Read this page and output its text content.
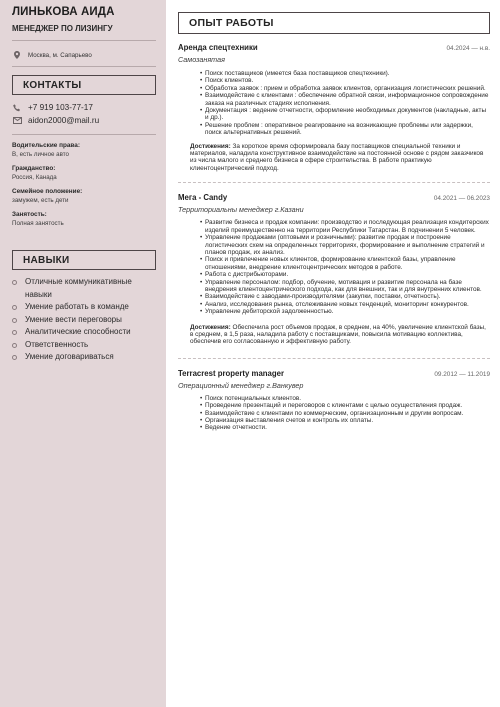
ЛИНЬКОВА АИДА
МЕНЕДЖЕР ПО ЛИЗИНГУ
Москва, м. Сапарьево
КОНТАКТЫ
+7 919 103-77-17
aidon2000@mail.ru
Водительские права:
B, есть личное авто
Гражданство:
Россия, Канада
Семейное положение:
замужем, есть дети
Занятость:
Полная занятость
НАВЫКИ
Отличные коммуникативные навыки
Умение работать в команде
Умение вести переговоры
Аналитические способности
Ответственность
Умение договариваться
ОПЫТ РАБОТЫ
Аренда спецтехники	04.2024 — н.в.
Самозанятая
• Поиск поставщиков (имеется база поставщиков спецтехники).
• Поиск клиентов.
• Обработка заявок : прием и обработка заявок клиентов, организация логистических решений.
• Взаимодействие с клиентами : обеспечение обратной связи, информационное сопровождение заказа на различных стадиях исполнения.
• Документация : ведение отчетности, оформление необходимых документов (накладные, акты и др.).
• Решение проблем : оперативное реагирование на возникающие проблемы или задержки, поиск альтернативных решений.
Достижения: За короткое время сформировала базу поставщиков специальной техники и материалов, наладила конструктивное взаимодействие на постоянной основе с рядом заказчиков из числа малого и среднего бизнеса в сфере строительства. В работе практикую клиентоцентрический подход.
Мега - Candy	04.2021 — 06.2023
Территориальны менеджер г.Казани
• Развитие бизнеса и продаж компании: производство и последующая реализация кондитерских изделий преимущественно на территории Республики Татарстан. В подчинении 5 человек.
• Управление продажами (оптовыми и розничными): развитие продаж и построение логистических схем на определенных территориях, формирование и выполнение стратегий и планов продаж, их анализ.
• Поиск и привлечение новых клиентов, формирование клиентской базы, управление отношениями, внедрение клиентоцентрических методов в работе.
• Работа с дистрибьюторами.
• Управление персоналом: подбор, обучение, мотивация и развитие персонала на базе внедрения клиентоцентрического подхода, как для внешних, так и для внутренних клиентов.
• Взаимодействие с заводами-производителями (закупки, поставки, отчетность).
• Анализ, исследования рынка, отслеживание новых тенденций, мониторинг конкурентов.
• Управление дебиторской задолженностью.
Достижения: Обеспечила рост объемов продаж, в среднем, на 40%, увеличение клиентской базы, в среднем, в 1,5 раза, наладила работу с поставщиками, повысила мотивацию коллектива, обеспечив его согласованную и эффективную работу.
Terracrest property manager	09.2012 — 11.2019
Операционный менеджер г.Ванкувер
• Поиск потенциальных клиентов.
• Проведение презентаций и переговоров с клиентами с целью осуществления продаж.
• Взаимодействие с клиентами по коммерческим, организационным и другим вопросам.
• Организация выставления счетов и контроль их оплаты.
• Ведение отчетности.
